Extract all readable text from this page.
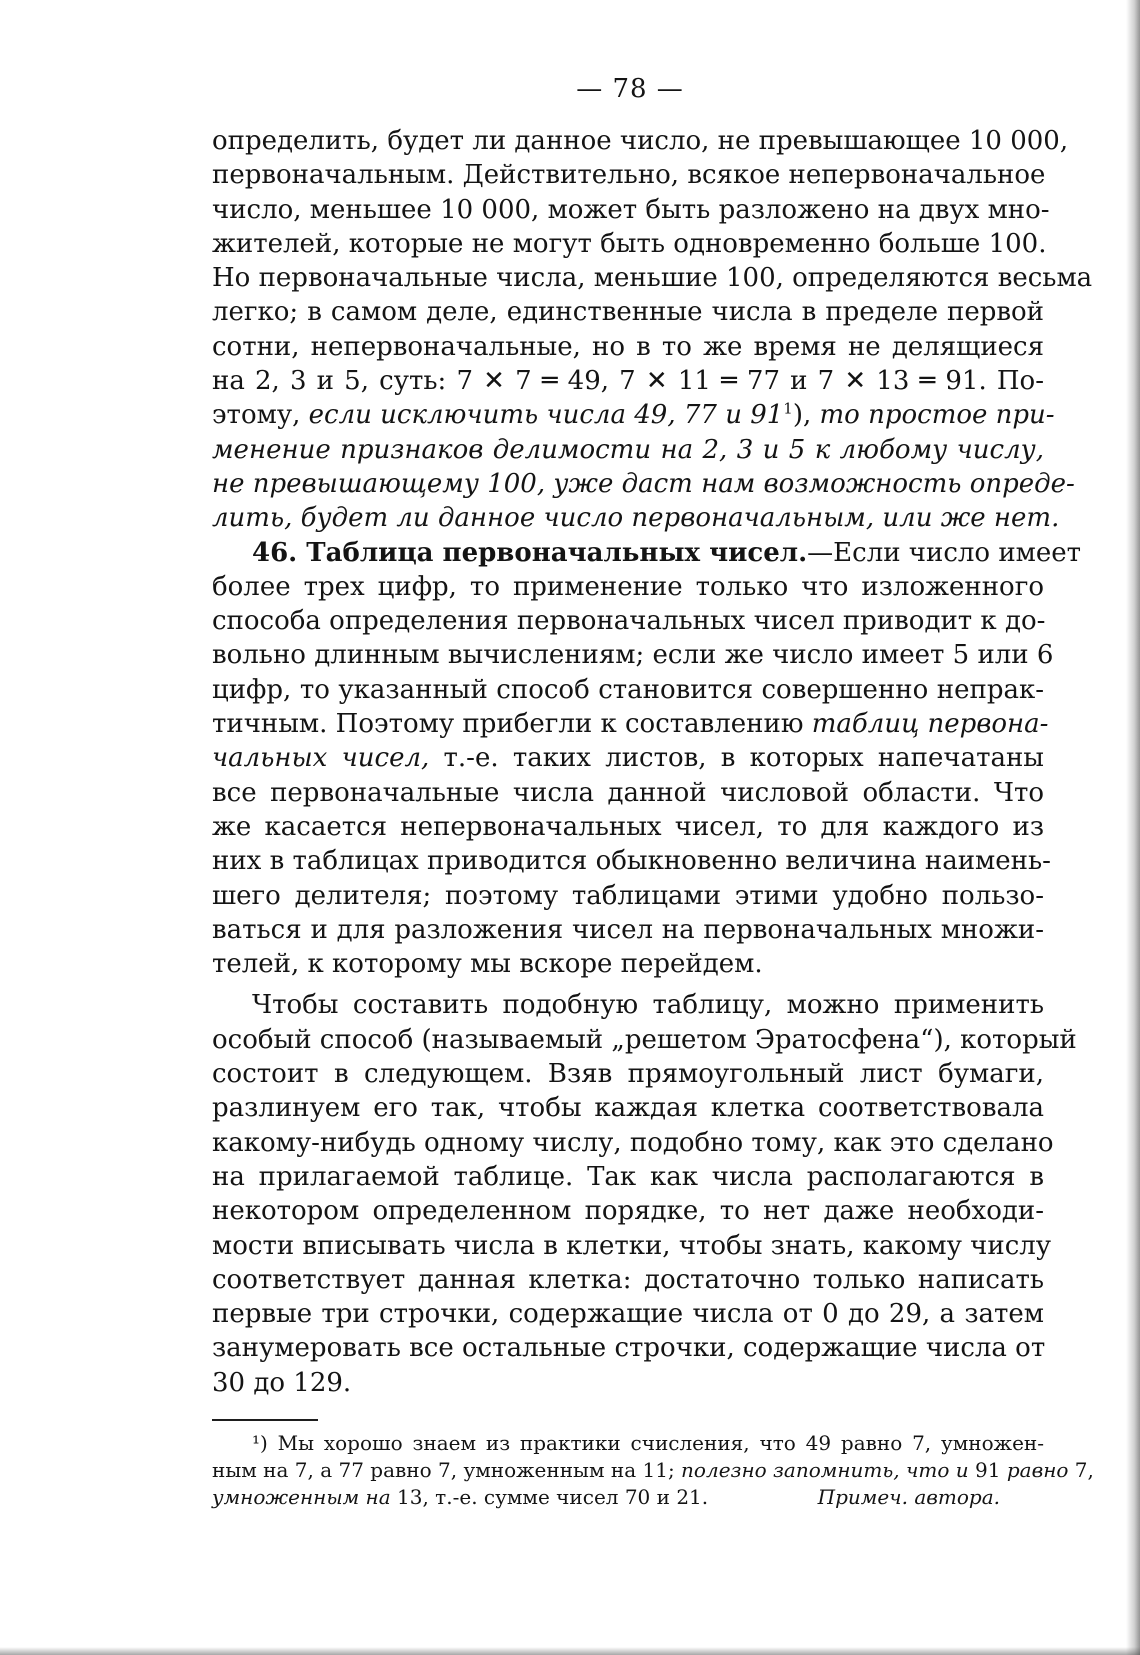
— 78 —
определить, будет ли данное число, не превышающее 10 000,
первоначальным. Действительно, всякое непервоначальное
число, меньшее 10 000, может быть разложено на двух мно-
жителей, которые не могут быть одновременно больше 100.
Но первоначальные числа, меньшие 100, определяются весьма
легко; в самом деле, единственные числа в пределе первой
сотни, непервоначальные, но в то же время не делящиеся
на 2, 3 и 5, суть: 7 ✕ 7 ═ 49, 7 ✕ 11 ═ 77 и 7 ✕ 13 ═ 91. По-
этому, если исключить числа 49, 77 и $91^1$), то простое при-
менение признаков делимости на 2, 3 и 5 к любому числу,
не превышающему 100, уже даст нам возможность опреде-
лить, будет ли данное число первоначальным, или же нет.
46. Таблица первоначальных чисел.—Если число имеет
более трех цифр, то применение только что изложенного
способа определения первоначальных чисел приводит к до-
вольно длинным вычислениям; если же число имеет 5 или 6
цифр, то указанный способ становится совершенно непрак-
тичным. Поэтому прибегли к составлению таблиц первона-
чальных чисел, т.-е. таких листов, в которых напечатаны
все первоначальные числа данной числовой области. Что
же касается непервоначальных чисел, то для каждого из
них в таблицах приводится обыкновенно величина наимень-
шего делителя; поэтому таблицами этими удобно пользо-
ваться и для разложения чисел на первоначальных множи-
телей, к которому мы вскоре перейдем.
Чтобы составить подобную таблицу, можно применить
особый способ (называемый „решетом Эратосфена“), который
состоит в следующем. Взяв прямоугольный лист бумаги,
разлинуем его так, чтобы каждая клетка соответствовала
какому-нибудь одному числу, подобно тому, как это сделано
на прилагаемой таблице. Так как числа располагаются в
некотором определенном порядке, то нет даже необходи-
мости вписывать числа в клетки, чтобы знать, какому числу
соответствует данная клетка: достаточно только написать
первые три строчки, содержащие числа от 0 до 29, а затем
занумеровать все остальные строчки, содержащие числа от
30 до 129.
¹) Мы хорошо знаем из практики счисления, что 49 равно 7, умножен-
ным на 7, а 77 равно 7, умноженным на 11; полезно запомнить, что и 91 равно 7,
умноженным на 13, т.-е. сумме чисел 70 и 21.	Примеч. автора.
